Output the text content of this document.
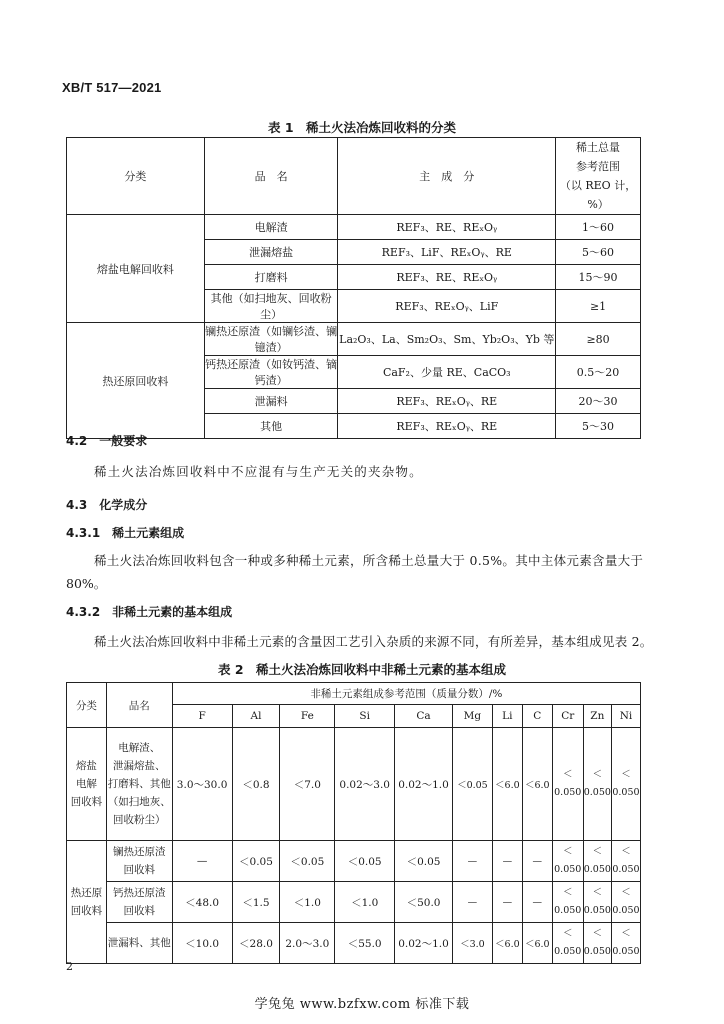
XB/T 517—2021
表 1　稀土火法冶炼回收料的分类
分类	品　名	主　成　分	稀土总量
参考范围
（以 REO 计，%）
熔盐电解回收料	电解渣	REF₃、RE、REₓOᵧ	1～60
	泄漏熔盐	REF₃、LiF、REₓOᵧ、RE	5～60
	打磨料	REF₃、RE、REₓOᵧ	15～90
	其他（如扫地灰、回收粉尘）	REF₃、REₓOᵧ、LiF	≥1
热还原回收料	镧热还原渣（如镧钐渣、镧镱渣）	La₂O₃、La、Sm₂O₃、Sm、Yb₂O₃、Yb 等	≥80
	钙热还原渣（如钕钙渣、镝钙渣）	CaF₂、少量 RE、CaCO₃	0.5～20
	泄漏料	REF₃、REₓOᵧ、RE	20～30
	其他	REF₃、REₓOᵧ、RE	5～30
4.2　一般要求
稀土火法冶炼回收料中不应混有与生产无关的夹杂物。
4.3　化学成分
4.3.1　稀土元素组成
稀土火法冶炼回收料包含一种或多种稀土元素，所含稀土总量大于 0.5%。其中主体元素含量大于
80%。
4.3.2　非稀土元素的基本组成
稀土火法冶炼回收料中非稀土元素的含量因工艺引入杂质的来源不同，有所差异，基本组成见表 2。
表 2　稀土火法冶炼回收料中非稀土元素的基本组成
分类	品名	非稀土元素组成参考范围（质量分数）/%										
		F	Al	Fe	Si	Ca	Mg	Li	C	Cr	Zn	Ni
熔盐
电解
回收料	电解渣、
泄漏熔盐、
打磨料、其他
（如扫地灰、
回收粉尘）	3.0～30.0	＜0.8	＜7.0	0.02～3.0	0.02～1.0	＜0.05	＜6.0	＜6.0	＜
0.050	＜
0.050	＜
0.050
热还原
回收料	镧热还原渣
回收料	—	＜0.05	＜0.05	＜0.05	＜0.05	—	—	—	＜
0.050	＜
0.050	＜
0.050
	钙热还原渣
回收料	＜48.0	＜1.5	＜1.0	＜1.0	＜50.0	—	—	—	＜
0.050	＜
0.050	＜
0.050
	泄漏料、其他	＜10.0	＜28.0	2.0～3.0	＜55.0	0.02～1.0	＜3.0	＜6.0	＜6.0	＜
0.050	＜
0.050	＜
0.050
2
学兔兔 www.bzfxw.com 标准下载
